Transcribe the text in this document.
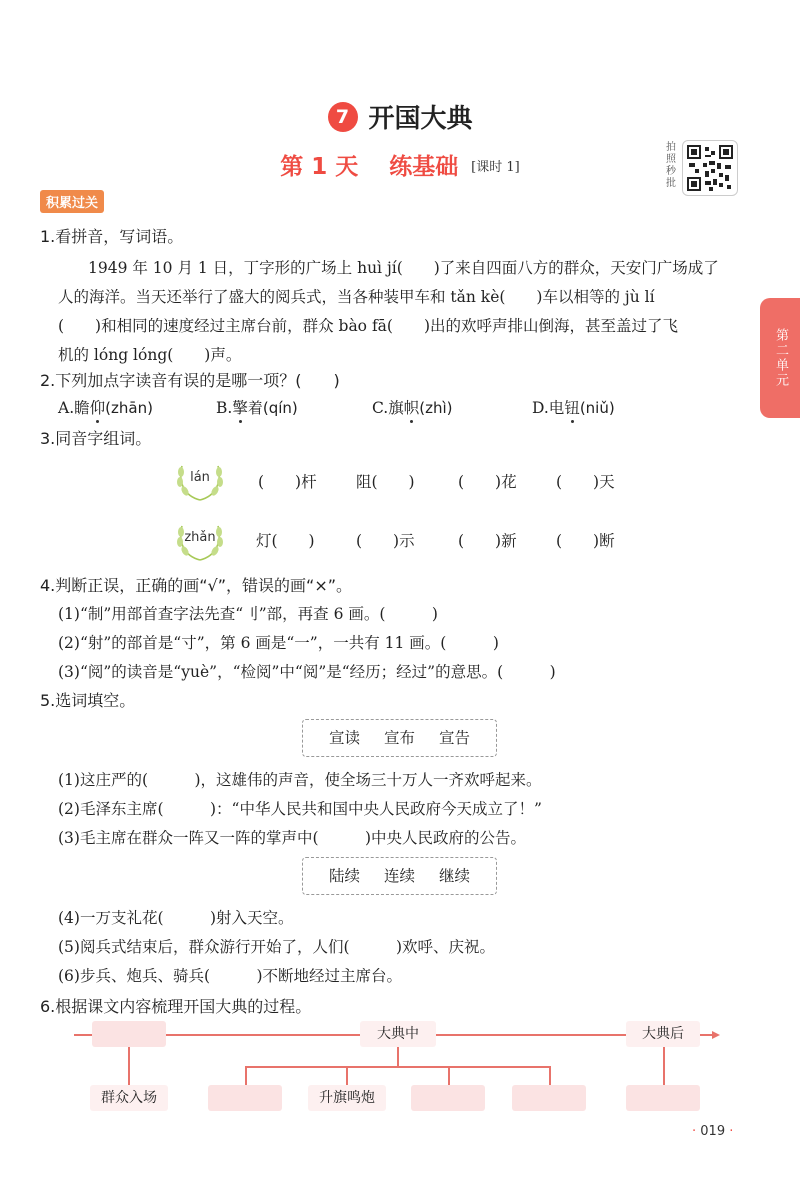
7 开国大典
第 1 天 练基础 [课时 1]
拍照秒批
积累过关
第二单元
1.看拼音，写词语。
1949 年 10 月 1 日，丁字形的广场上 huì jí(　　)了来自四面八方的群众，天安门广场成了
人的海洋。当天还举行了盛大的阅兵式，当各种装甲车和 tǎn kè(　　)车以相等的 jù lí
(　　)和相同的速度经过主席台前，群众 bào fā(　　)出的欢呼声排山倒海，甚至盖过了飞
机的 lóng lóng(　　)声。
2.下列加点字读音有误的是哪一项？(　　)
A.瞻仰(zhān)	B.擎着(qín)	C.旗帜(zhì)	D.电钮(niǔ)
3.同音字组词。
lán	(　　)杆	阻(　　)	(　　)花	(　　)天
zhǎn	灯(　　)	(　　)示	(　　)新	(　　)断
4.判断正误，正确的画“√”，错误的画“×”。
(1)“制”用部首查字法先查“刂”部，再查 6 画。(　　　)
(2)“射”的部首是“寸”，第 6 画是“一”，一共有 11 画。(　　　)
(3)“阅”的读音是“yuè”，“检阅”中“阅”是“经历；经过”的意思。(　　　)
5.选词填空。
宣读 宣布 宣告
(1)这庄严的(　　　)，这雄伟的声音，使全场三十万人一齐欢呼起来。
(2)毛泽东主席(　　　)：“中华人民共和国中央人民政府今天成立了！”
(3)毛主席在群众一阵又一阵的掌声中(　　　)中央人民政府的公告。
陆续 连续 继续
(4)一万支礼花(　　　)射入天空。
(5)阅兵式结束后，群众游行开始了，人们(　　　)欢呼、庆祝。
(6)步兵、炮兵、骑兵(　　　)不断地经过主席台。
6.根据课文内容梳理开国大典的过程。
大典中	大典后
群众入场	升旗鸣炮
· 019 ·
